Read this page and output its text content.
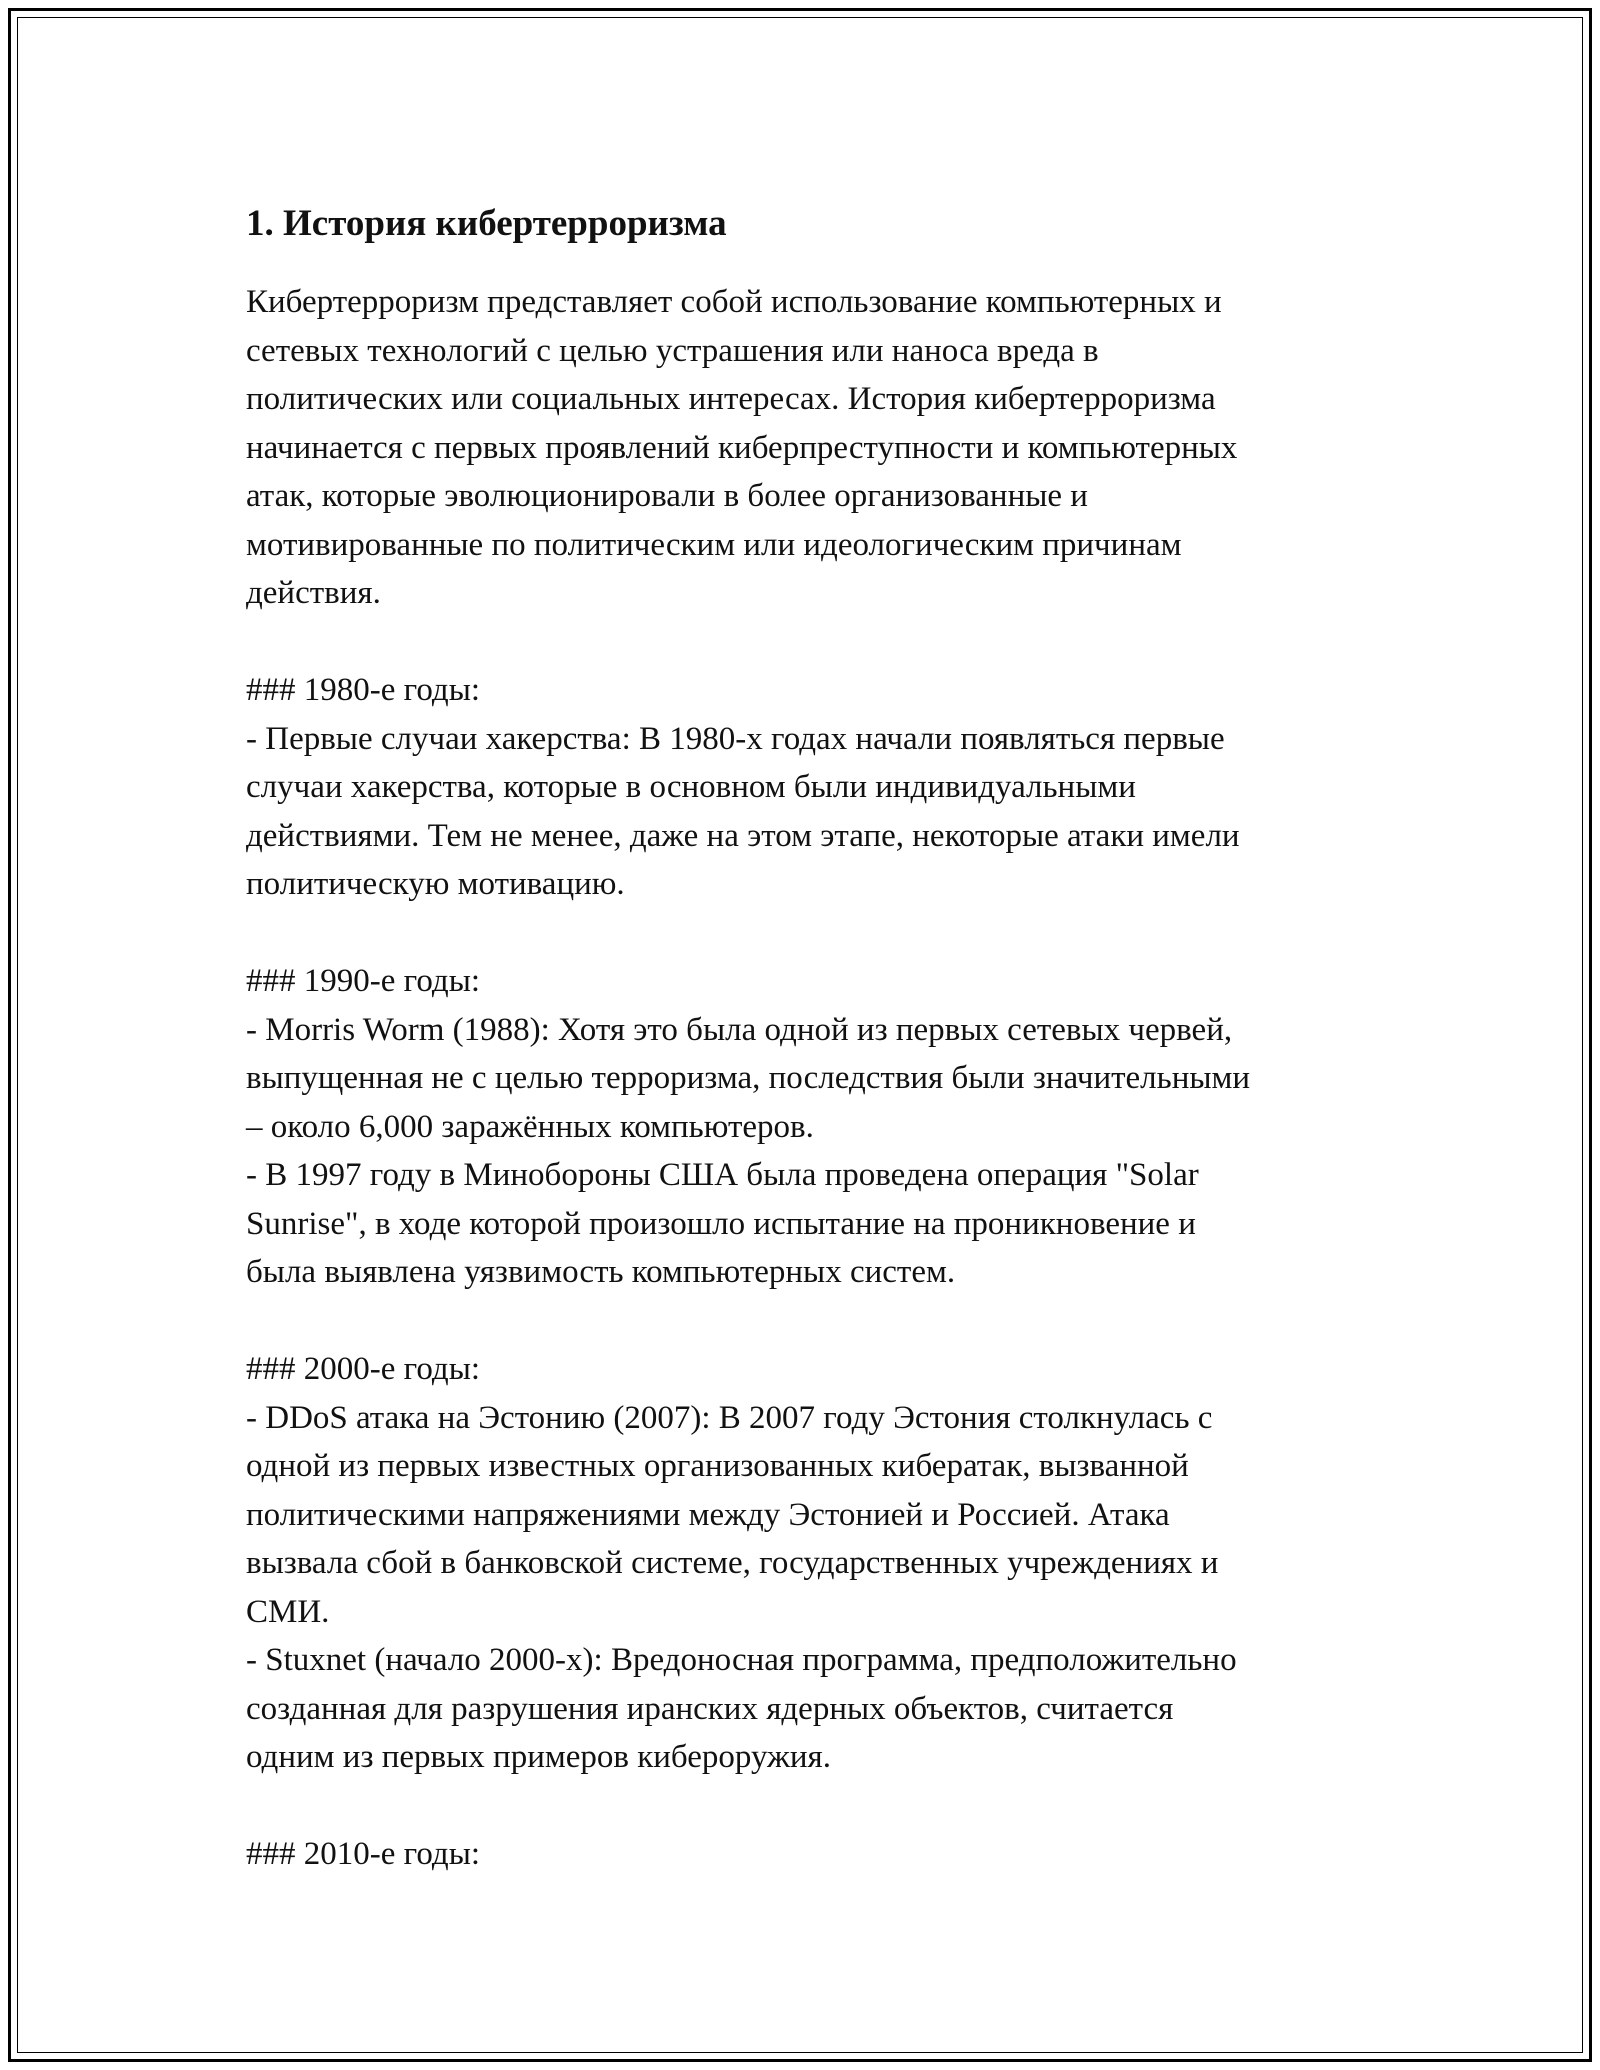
1. История кибертерроризма

Кибертерроризм представляет собой использование компьютерных и
сетевых технологий с целью устрашения или наноса вреда в
политических или социальных интересах. История кибертерроризма
начинается с первых проявлений киберпреступности и компьютерных
атак, которые эволюционировали в более организованные и
мотивированные по политическим или идеологическим причинам
действия.

### 1980-е годы:

- Первые случаи хакерства: В 1980-х годах начали появляться первые
случаи хакерства, которые в основном были индивидуальными
действиями. Тем не менее, даже на этом этапе, некоторые атаки имели
политическую мотивацию.

### 1990-е годы:

- Morris Worm (1988): Хотя это была одной из первых сетевых червей,
выпущенная не с целью терроризма, последствия были значительными
– около 6,000 заражённых компьютеров.

- В 1997 году в Минобороны США была проведена операция "Solar
Sunrise", в ходе которой произошло испытание на проникновение и
была выявлена уязвимость компьютерных систем.

### 2000-е годы:

- DDoS атака на Эстонию (2007): В 2007 году Эстония столкнулась с
одной из первых известных организованных кибератак, вызванной
политическими напряжениями между Эстонией и Россией. Атака
вызвала сбой в банковской системе, государственных учреждениях и
СМИ.

- Stuxnet (начало 2000-х): Вредоносная программа, предположительно
созданная для разрушения иранских ядерных объектов, считается
одним из первых примеров кибероружия.

### 2010-е годы:
